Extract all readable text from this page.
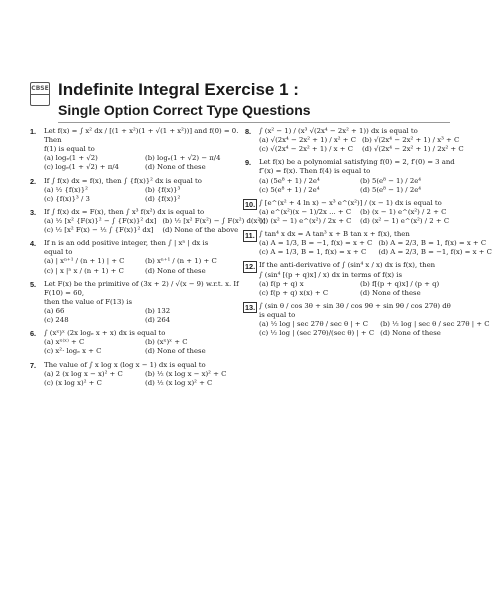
CBSE Indefinite Integral Exercise 1 :
Single Option Correct Type Questions
1. Let f(x) = ∫ x² dx / [(1 + x²)(1 + √(1 + x²))] and f(0) = 0. Then
f(1) is equal to
(a) logₑ(1 + √2)	(b) logₑ(1 + √2) − π/4
(c) logₑ(1 + √2) + π/4	(d) None of these
2. If ∫ f(x) dx = f(x), then ∫ {f(x)}² dx is equal to
(a) ½ {f(x)}²	(b) {f(x)}³
(c) {f(x)}³ / 3	(d) {f(x)}²
3. If ∫ f(x) dx = F(x), then ∫ x³ f(x²) dx is equal to
(a) ½ [x² {F(x)}² − ∫ {F(x)}² dx] (b) ½ [x² F(x²) − ∫ F(x²) d(x²)]
(c) ½ [x² F(x) − ½ ∫ {F(x)}² dx]	(d) None of the above
4. If n is an odd positive integer, then ∫ | xⁿ | dx is
equal to
(a) | xⁿ⁺¹ / (n + 1) | + C	(b) xⁿ⁺¹ / (n + 1) + C
(c) | x |ⁿ x / (n + 1) + C	(d) None of these
5. Let F(x) be the primitive of (3x + 2) / √(x − 9) w.r.t. x. If F(10) = 60,
then the value of F(13) is
(a) 66	(b) 132
(c) 248	(d) 264
6. ∫ (xˣ)ˣ (2x logₑ x + x) dx is equal to
(a) xˣ⁽ˣ⁾ + C	(b) (xˣ)ˣ + C
(c) x²· logₑ x + C	(d) None of these
7. The value of ∫ x log x (log x − 1) dx is equal to
(a) 2 (x log x − x)² + C	(b) ½ (x log x − x)² + C
(c) (x log x)² + C	(d) ½ (x log x)² + C
8. ∫ (x² − 1) / (x³ √(2x⁴ − 2x² + 1)) dx is equal to
(a) √(2x⁴ − 2x² + 1) / x² + C (b) √(2x⁴ − 2x² + 1) / x³ + C
(c) √(2x⁴ − 2x² + 1) / x + C	(d) √(2x⁴ − 2x² + 1) / 2x² + C
9. Let f(x) be a polynomial satisfying f(0) = 2, f′(0) = 3 and
f″(x) = f(x). Then f(4) is equal to
(a) (5e⁸ + 1) / 2e⁴	(b) 5(e⁸ − 1) / 2e⁴
(c) 5(e⁸ + 1) / 2e⁴	(d) 5(e⁸ − 1) / 2e⁴
10. ∫ [e^(x² + 4 ln x) − x³ e^(x²)] / (x − 1) dx is equal to
(a) e^(x²)(x − 1)/2x ... + C	(b) (x − 1) e^(x²) / 2 + C
(c) (x² − 1) e^(x²) / 2x + C	(d) (x² − 1) e^(x²) / 2 + C
11. ∫ tan⁴ x dx = A tan³ x + B tan x + f(x), then
(a) A = 1/3, B = −1, f(x) = x + C (b) A = 2/3, B = 1, f(x) = x + C
(c) A = 1/3, B = 1, f(x) = x + C	(d) A = 2/3, B = −1, f(x) = x + C
12. If the anti-derivative of ∫ (sin⁴ x / x) dx is f(x), then
∫ (sin⁴ [(p + q)x] / x) dx in terms of f(x) is
(a) f(p + q) x	(b) f[(p + q)x] / (p + q)
(c) f(p + q) x(x) + C	(d) None of these
13. ∫ (sin θ / cos 3θ + sin 3θ / cos 9θ + sin 9θ / cos 27θ) dθ is equal to
(a) ½ log | sec 27θ / sec θ | + C	(b) ½ log | sec θ / sec 27θ | + C
(c) ½ log | (sec 27θ)/(sec θ) | + C (d) None of these
